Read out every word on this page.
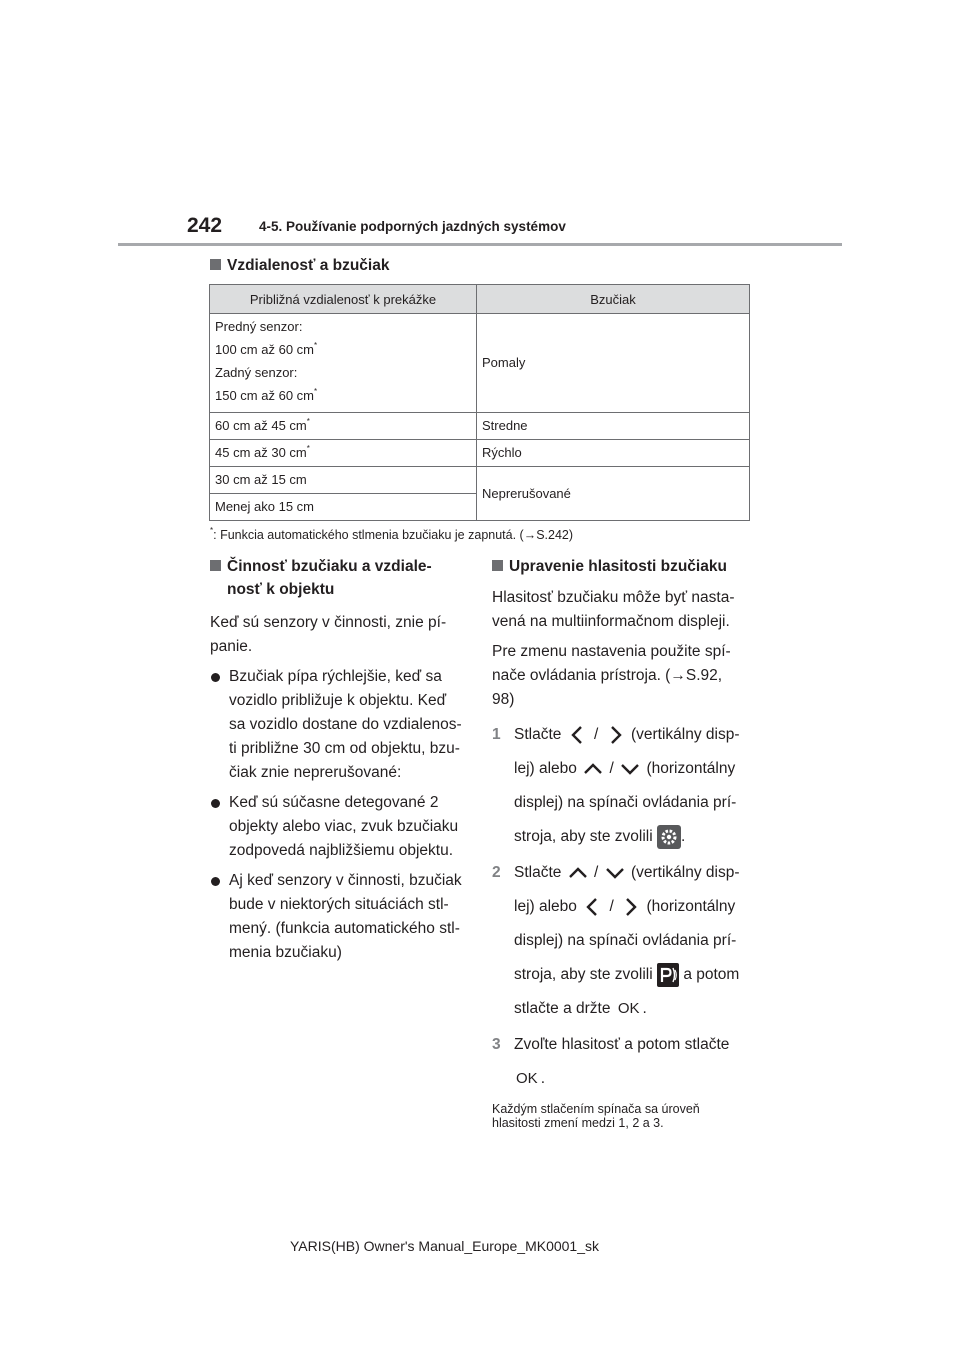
242	4-5. Používanie podporných jazdných systémov
Vzdialenosť a bzučiak
Približná vzdialenosť k prekážke	Bzučiak

Predný senzor:

100 cm až 60 cm*

Zadný senzor:

150 cm až 60 cm*	Pomaly
60 cm až 45 cm*	Stredne
45 cm až 30 cm*	Rýchlo
30 cm až 15 cm	Neprerušované
Menej ako 15 cm	
*: Funkcia automatického stlmenia bzučiaku je zapnutá. (→S.242)
Činnosť bzučiaku a vzdiale-
nosť k objektu

Keď sú senzory v činnosti, znie pí-

panie.

Bzučiak pípa rýchlejšie, keď sa

vozidlo približuje k objektu. Keď

sa vozidlo dostane do vzdialenos-

ti približne 30 cm od objektu, bzu-

čiak znie neprerušované:

Keď sú súčasne detegované 2

objekty alebo viac, zvuk bzučiaku

zodpovedá najbližšiemu objektu.

Aj keď senzory v činnosti, bzučiak

bude v niektorých situáciách stl-

mený. (funkcia automatického stl-

menia bzučiaku)

Upravenie hlasitosti bzučiaku

Hlasitosť bzučiaku môže byť nasta-

vená na multiinformačnom displeji.

Pre zmenu nastavenia použite spí-

nače ovládania prístroja. (→S.92,

98)

1 Stlačte / (vertikálny disp-

lej) alebo / (horizontálny

displej) na spínači ovládania prí-

stroja, aby ste zvolili .

2 Stlačte / (vertikálny disp-

lej) alebo / (horizontálny

displej) na spínači ovládania prí-

stroja, aby ste zvolili a potom

stlačte a držte OK .

3 Zvoľte hlasitosť a potom stlačte

OK .

Každým stlačením spínača sa úroveň

hlasitosti zmení medzi 1, 2 a 3.

YARIS(HB) Owner's Manual_Europe_MK0001_sk
